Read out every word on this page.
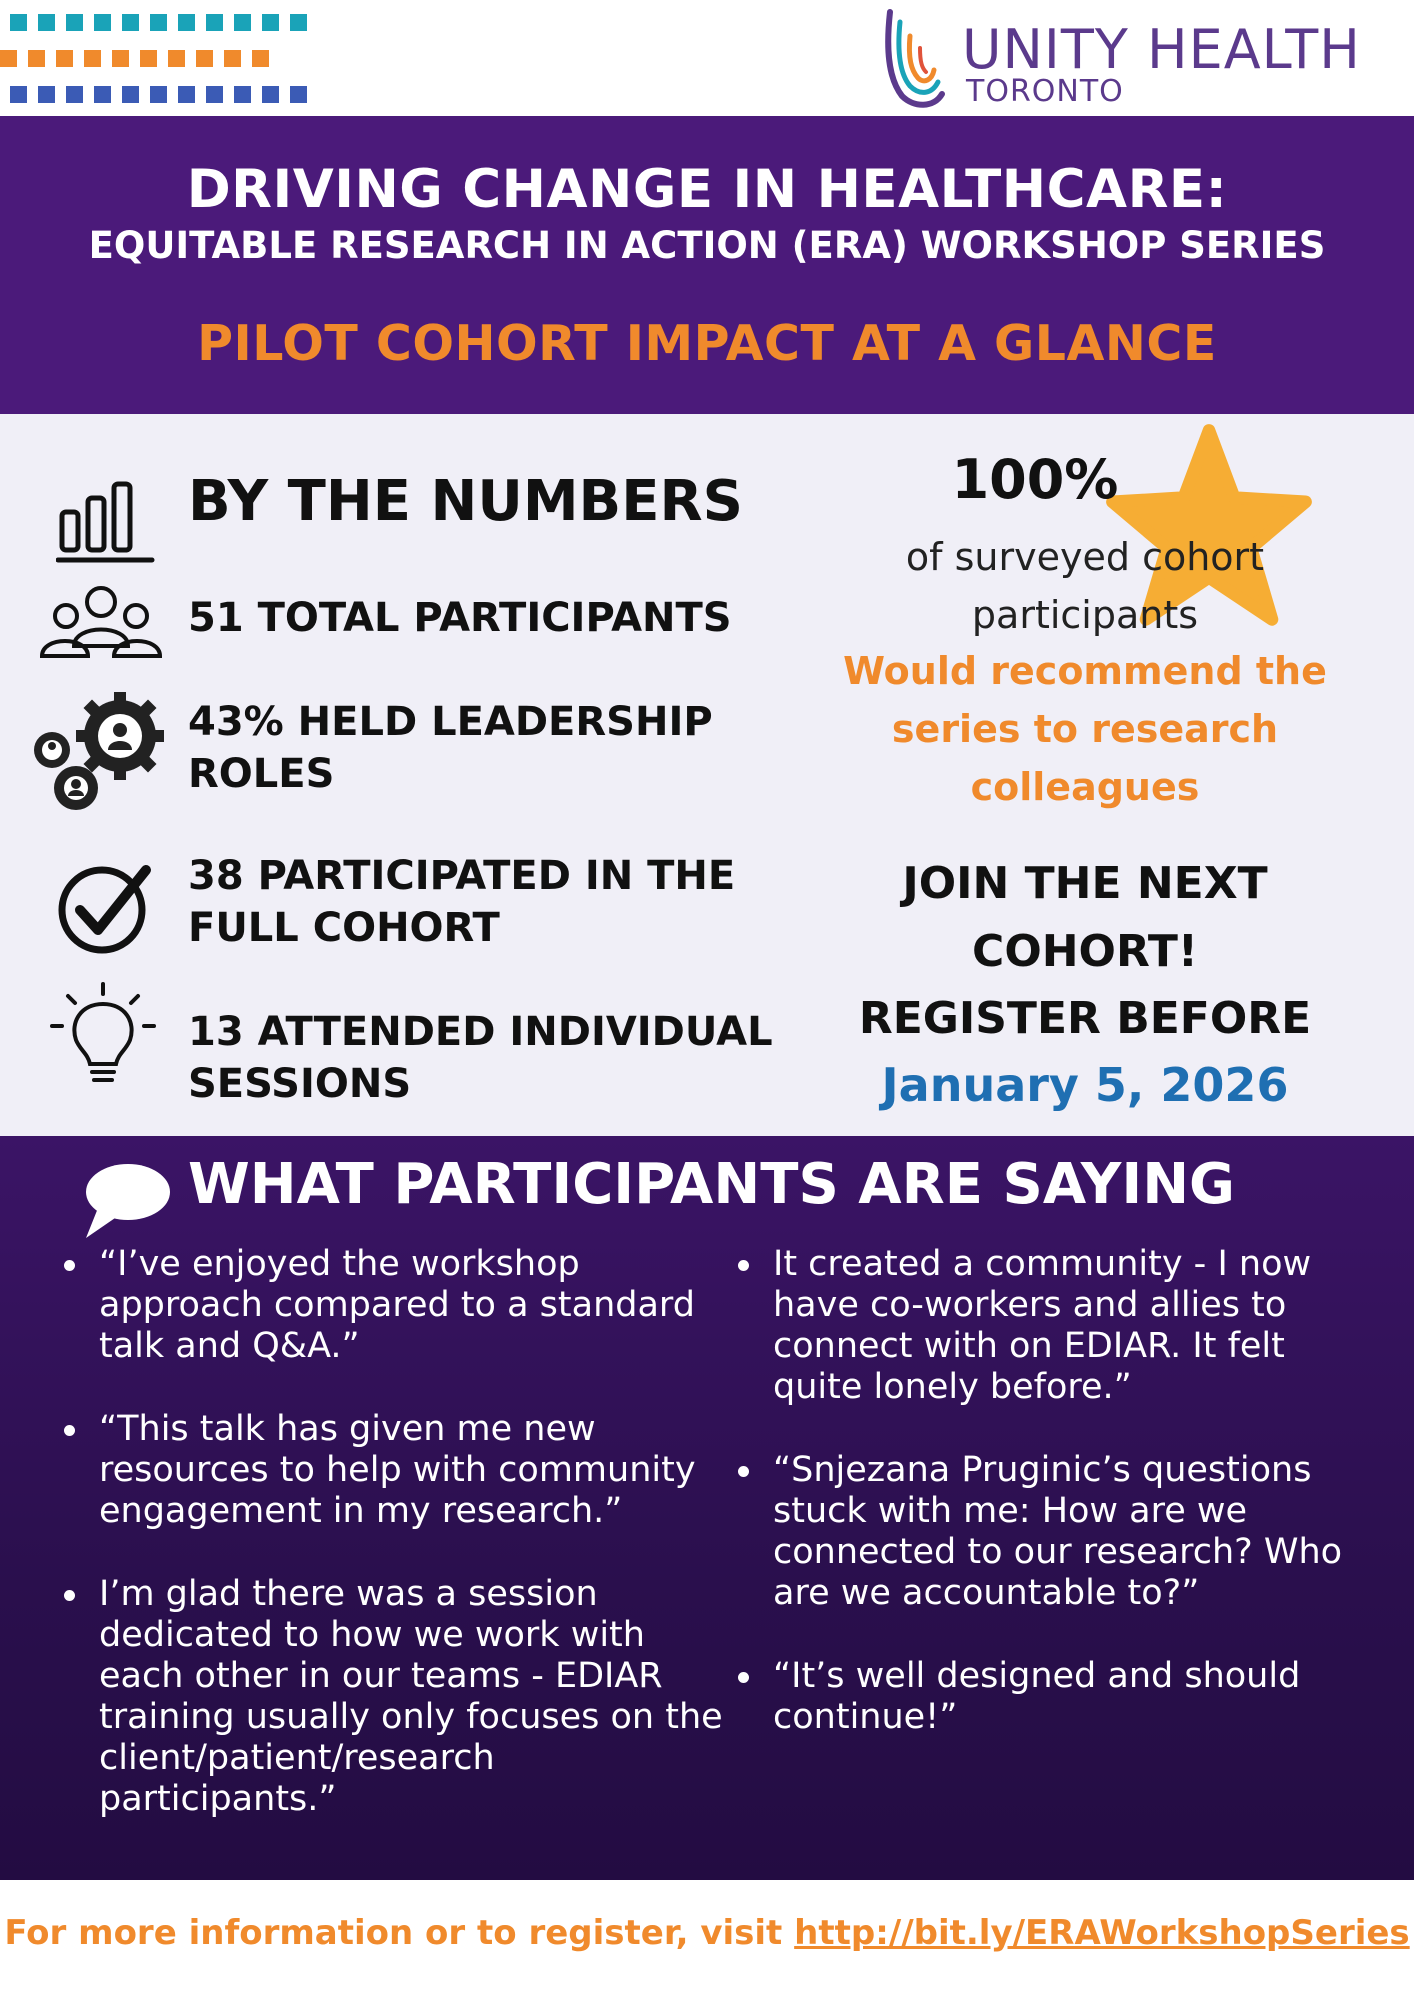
UNITY HEALTH
TORONTO
DRIVING CHANGE IN HEALTHCARE:
EQUITABLE RESEARCH IN ACTION (ERA) WORKSHOP SERIES
PILOT COHORT IMPACT AT A GLANCE
BY THE NUMBERS
51 TOTAL PARTICIPANTS
43% HELD LEADERSHIP ROLES
38 PARTICIPATED IN THE FULL COHORT
13 ATTENDED INDIVIDUAL SESSIONS
100%
of surveyed cohort participants
Would recommend the series to research colleagues
JOIN THE NEXT COHORT!
REGISTER BEFORE
January 5, 2026
WHAT PARTICIPANTS ARE SAYING
“I’ve enjoyed the workshop approach compared to a standard talk and Q&A.”
“This talk has given me new resources to help with community engagement in my research.”
I’m glad there was a session dedicated to how we work with each other in our teams - EDIAR training usually only focuses on the client/patient/research participants.”
It created a community - I now have co-workers and allies to connect with on EDIAR. It felt quite lonely before.”
“Snjezana Pruginic’s questions stuck with me: How are we connected to our research? Who are we accountable to?”
“It’s well designed and should continue!”
For more information or to register, visit http://bit.ly/ERAWorkshopSeries
